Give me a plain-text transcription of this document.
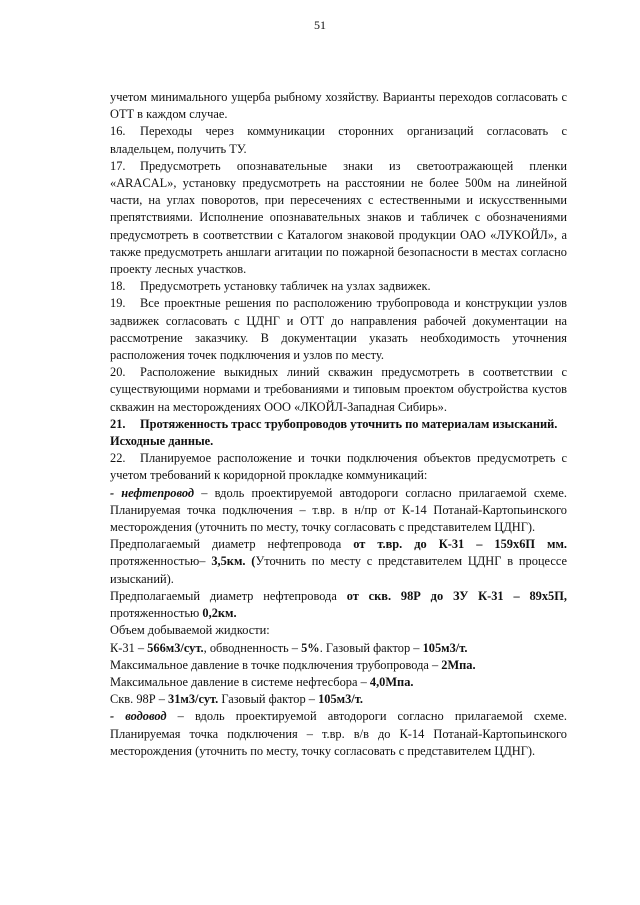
51

учетом минимального ущерба рыбному хозяйству. Варианты переходов согласовать с ОТТ в каждом случае.

16. Переходы через коммуникации сторонних организаций согласовать с владельцем, получить ТУ.

17. Предусмотреть опознавательные знаки из светоотражающей пленки «ARACAL», установку предусмотреть на расстоянии не более 500м на линейной части, на углах поворотов, при пересечениях с естественными и искусственными препятствиями. Исполнение опознавательных знаков и табличек с обозначениями предусмотреть в соответствии с Каталогом знаковой продукции ОАО «ЛУКОЙЛ», а также предусмотреть аншлаги агитации по пожарной безопасности в местах согласно проекту лесных участков.

18. Предусмотреть установку табличек на узлах задвижек.

19. Все проектные решения по расположению трубопровода и конструкции узлов задвижек согласовать с ЦДНГ и ОТТ до направления рабочей документации на рассмотрение заказчику. В документации указать необходимость уточнения расположения точек подключения и узлов по месту.

20. Расположение выкидных линий скважин предусмотреть в соответствии с существующими нормами и требованиями и типовым проектом обустройства кустов скважин на месторождениях ООО «ЛКОЙЛ-Западная Сибирь».

21. Протяженность трасс трубопроводов уточнить по материалам изысканий.

Исходные данные.

22. Планируемое расположение и точки подключения объектов предусмотреть с учетом требований к коридорной прокладке коммуникаций:

- нефтепровод – вдоль проектируемой автодороги согласно прилагаемой схеме. Планируемая точка подключения – т.вр. в н/пр от К-14 Потанай-Картопьинского месторождения (уточнить по месту, точку согласовать с представителем ЦДНГ).

Предполагаемый диаметр нефтепровода от т.вр. до К-31 – 159х6П мм. протяженностью– 3,5км. (Уточнить по месту с представителем ЦДНГ в процессе изысканий).

Предполагаемый диаметр нефтепровода от скв. 98Р до ЗУ К-31 – 89х5П, протяженностью 0,2км.

Объем добываемой жидкости:

К-31 – 566м3/сут., обводненность – 5%. Газовый фактор – 105м3/т.

Максимальное давление в точке подключения трубопровода – 2Мпа.

Максимальное давление в системе нефтесбора – 4,0Мпа.

Скв. 98Р – 31м3/сут. Газовый фактор – 105м3/т.

- водовод – вдоль проектируемой автодороги согласно прилагаемой схеме. Планируемая точка подключения – т.вр. в/в до К-14 Потанай-Картопьинского месторождения (уточнить по месту, точку согласовать с представителем ЦДНГ).
